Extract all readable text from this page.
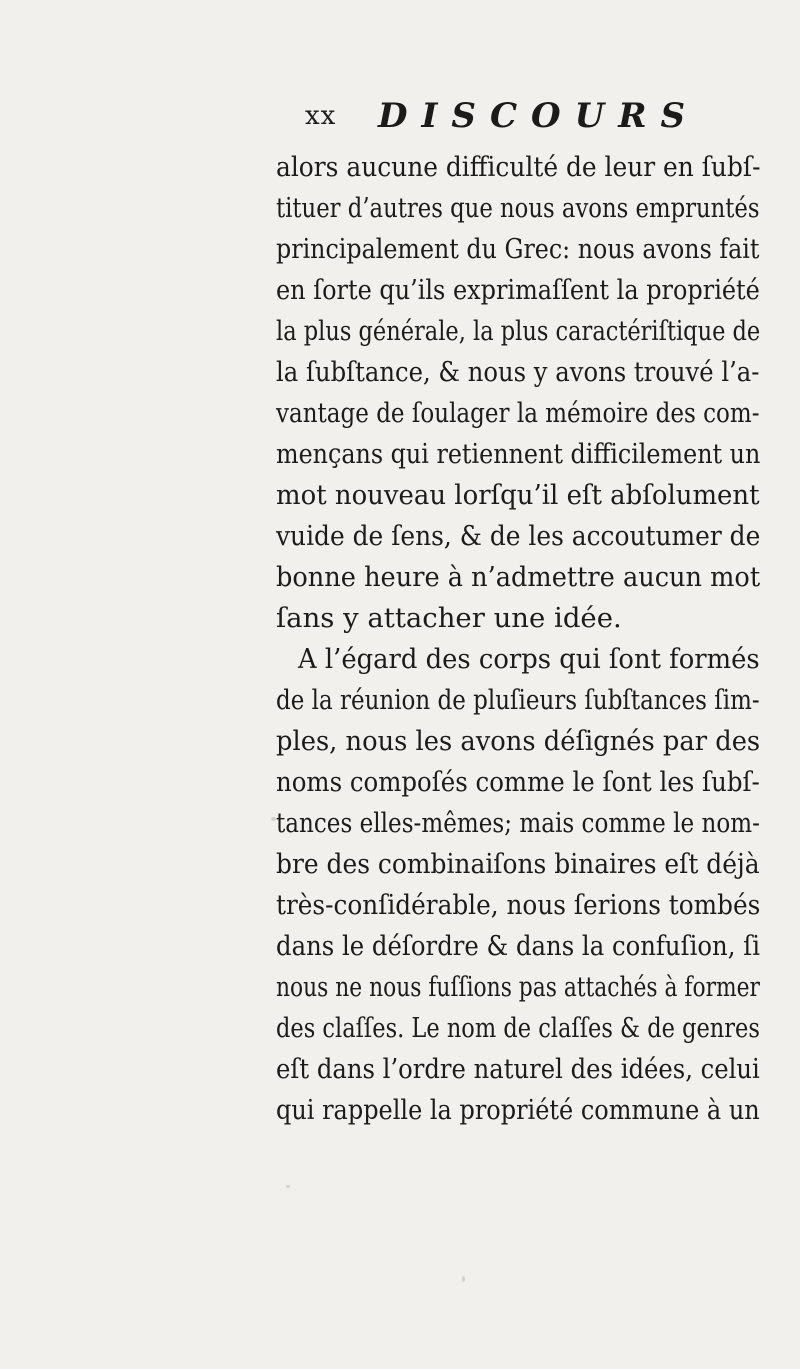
xx DISCOURS
alors aucune difficulté de leur en ſubſ-
tituer d’autres que nous avons empruntés
principalement du Grec: nous avons fait
en ſorte qu’ils exprimaſſent la propriété
la plus générale, la plus caractériſtique de
la ſubſtance, & nous y avons trouvé l’a-
vantage de ſoulager la mémoire des com-
mençans qui retiennent difficilement un
mot nouveau lorſqu’il eſt abſolument
vuide de ſens, & de les accoutumer de
bonne heure à n’admettre aucun mot
ſans y attacher une idée.
A l’égard des corps qui ſont formés
de la réunion de pluſieurs ſubſtances ſim-
ples, nous les avons déſignés par des
noms compoſés comme le ſont les ſubſ-
tances elles-mêmes; mais comme le nom-
bre des combinaiſons binaires eſt déjà
très-conſidérable, nous ſerions tombés
dans le déſordre & dans la confuſion, ſi
nous ne nous fuſſions pas attachés à former
des claſſes. Le nom de claſſes & de genres
eſt dans l’ordre naturel des idées, celui
qui rappelle la propriété commune à un
